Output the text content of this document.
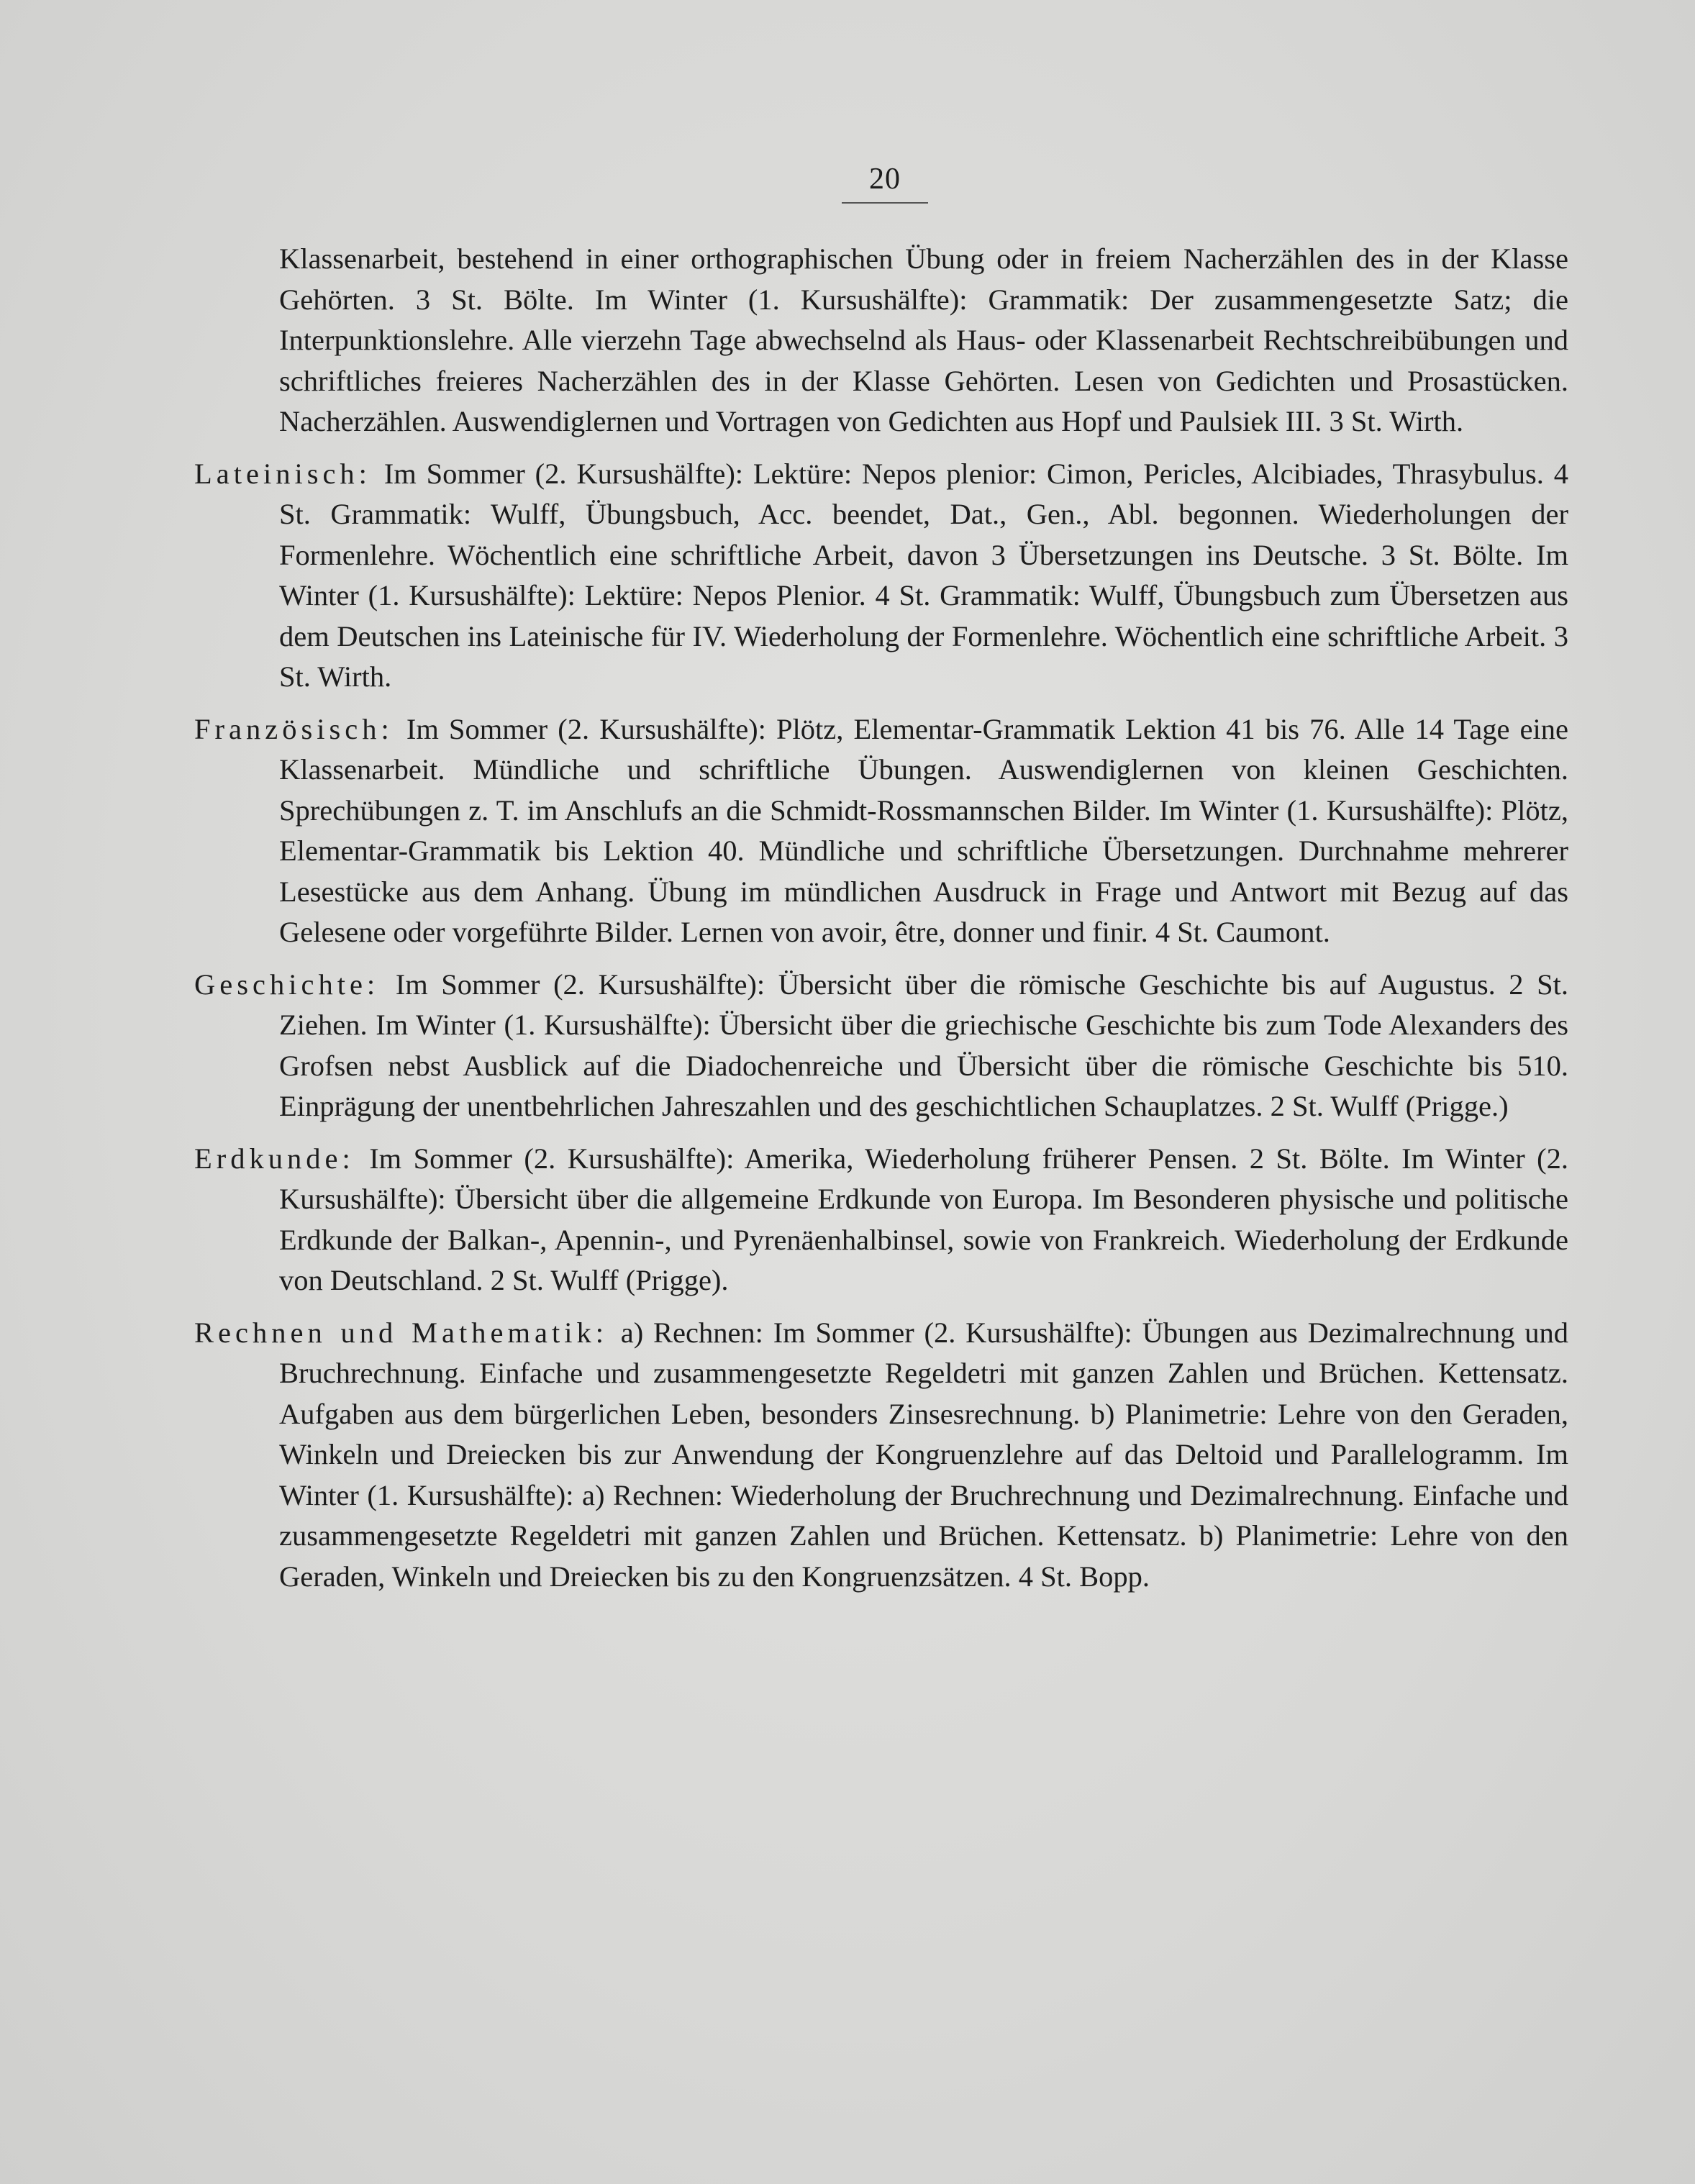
20

Klassenarbeit, bestehend in einer orthographischen Übung oder in freiem Nacherzählen des in der Klasse Gehörten. 3 St. Bölte. Im Winter (1. Kursushälfte): Grammatik: Der zusammengesetzte Satz; die Interpunktionslehre. Alle vierzehn Tage abwechselnd als Haus- oder Klassenarbeit Rechtschreibübungen und schriftliches freieres Nacherzählen des in der Klasse Gehörten. Lesen von Gedichten und Prosastücken. Nacherzählen. Auswendiglernen und Vortragen von Gedichten aus Hopf und Paulsiek III. 3 St. Wirth.

Lateinisch: Im Sommer (2. Kursushälfte): Lektüre: Nepos plenior: Cimon, Pericles, Alcibiades, Thrasybulus. 4 St. Grammatik: Wulff, Übungsbuch, Acc. beendet, Dat., Gen., Abl. begonnen. Wiederholungen der Formenlehre. Wöchentlich eine schriftliche Arbeit, davon 3 Übersetzungen ins Deutsche. 3 St. Bölte. Im Winter (1. Kursushälfte): Lektüre: Nepos Plenior. 4 St. Grammatik: Wulff, Übungsbuch zum Übersetzen aus dem Deutschen ins Lateinische für IV. Wiederholung der Formenlehre. Wöchentlich eine schriftliche Arbeit. 3 St. Wirth.

Französisch: Im Sommer (2. Kursushälfte): Plötz, Elementar-Grammatik Lektion 41 bis 76. Alle 14 Tage eine Klassenarbeit. Mündliche und schriftliche Übungen. Auswendiglernen von kleinen Geschichten. Sprechübungen z. T. im Anschlufs an die Schmidt-Rossmannschen Bilder. Im Winter (1. Kursushälfte): Plötz, Elementar-Grammatik bis Lektion 40. Mündliche und schriftliche Übersetzungen. Durchnahme mehrerer Lesestücke aus dem Anhang. Übung im mündlichen Ausdruck in Frage und Antwort mit Bezug auf das Gelesene oder vorgeführte Bilder. Lernen von avoir, être, donner und finir. 4 St. Caumont.

Geschichte: Im Sommer (2. Kursushälfte): Übersicht über die römische Geschichte bis auf Augustus. 2 St. Ziehen. Im Winter (1. Kursushälfte): Übersicht über die griechische Geschichte bis zum Tode Alexanders des Grofsen nebst Ausblick auf die Diadochenreiche und Übersicht über die römische Geschichte bis 510. Einprägung der unentbehrlichen Jahreszahlen und des geschichtlichen Schauplatzes. 2 St. Wulff (Prigge.)

Erdkunde: Im Sommer (2. Kursushälfte): Amerika, Wiederholung früherer Pensen. 2 St. Bölte. Im Winter (2. Kursushälfte): Übersicht über die allgemeine Erdkunde von Europa. Im Besonderen physische und politische Erdkunde der Balkan-, Apennin-, und Pyrenäenhalbinsel, sowie von Frankreich. Wiederholung der Erdkunde von Deutschland. 2 St. Wulff (Prigge).

Rechnen und Mathematik: a) Rechnen: Im Sommer (2. Kursushälfte): Übungen aus Dezimalrechnung und Bruchrechnung. Einfache und zusammengesetzte Regeldetri mit ganzen Zahlen und Brüchen. Kettensatz. Aufgaben aus dem bürgerlichen Leben, besonders Zinsesrechnung. b) Planimetrie: Lehre von den Geraden, Winkeln und Dreiecken bis zur Anwendung der Kongruenzlehre auf das Deltoid und Parallelogramm. Im Winter (1. Kursushälfte): a) Rechnen: Wiederholung der Bruchrechnung und Dezimalrechnung. Einfache und zusammengesetzte Regeldetri mit ganzen Zahlen und Brüchen. Kettensatz. b) Planimetrie: Lehre von den Geraden, Winkeln und Dreiecken bis zu den Kongruenzsätzen. 4 St. Bopp.
